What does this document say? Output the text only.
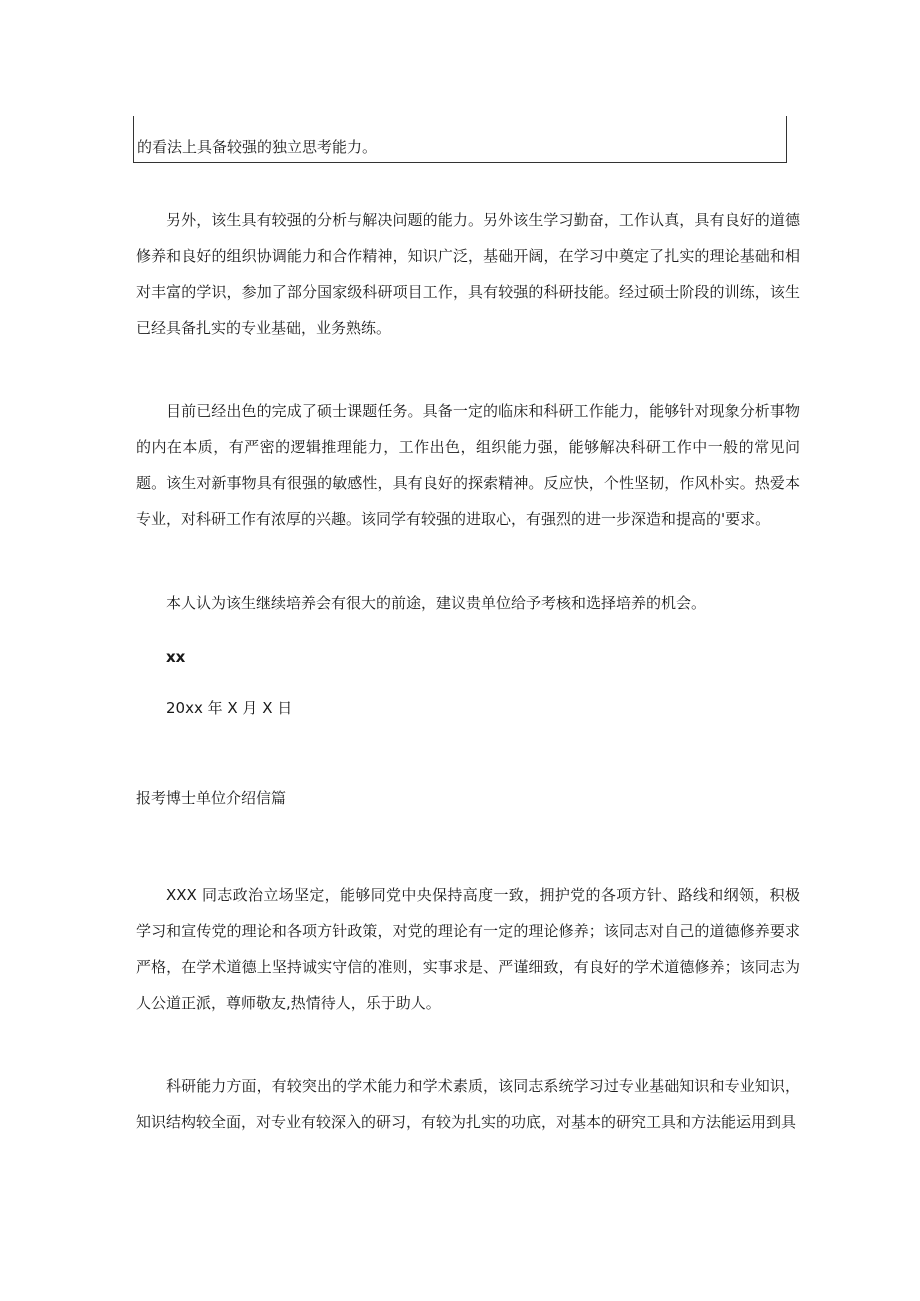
的看法上具备较强的独立思考能力。

另外，该生具有较强的分析与解决问题的能力。另外该生学习勤奋，工作认真，具有良好的道德修养和良好的组织协调能力和合作精神，知识广泛，基础开阔，在学习中奠定了扎实的理论基础和相对丰富的学识，参加了部分国家级科研项目工作，具有较强的科研技能。经过硕士阶段的训练，该生已经具备扎实的专业基础，业务熟练。

目前已经出色的完成了硕士课题任务。具备一定的临床和科研工作能力，能够针对现象分析事物的内在本质，有严密的逻辑推理能力，工作出色，组织能力强，能够解决科研工作中一般的常见问题。该生对新事物具有很强的敏感性，具有良好的探索精神。反应快，个性坚韧，作风朴实。热爱本专业，对科研工作有浓厚的兴趣。该同学有较强的进取心，有强烈的进一步深造和提高的'要求。

本人认为该生继续培养会有很大的前途，建议贵单位给予考核和选择培养的机会。

xx
20xx 年 X 月 X 日
报考博士单位介绍信篇

XXX 同志政治立场坚定，能够同党中央保持高度一致，拥护党的各项方针、路线和纲领，积极学习和宣传党的理论和各项方针政策，对党的理论有一定的理论修养；该同志对自己的道德修养要求严格，在学术道德上坚持诚实守信的准则，实事求是、严谨细致，有良好的学术道德修养；该同志为人公道正派，尊师敬友,热情待人，乐于助人。

科研能力方面，有较突出的学术能力和学术素质，该同志系统学习过专业基础知识和专业知识，知识结构较全面，对专业有较深入的研习，有较为扎实的功底，对基本的研究工具和方法能运用到具
